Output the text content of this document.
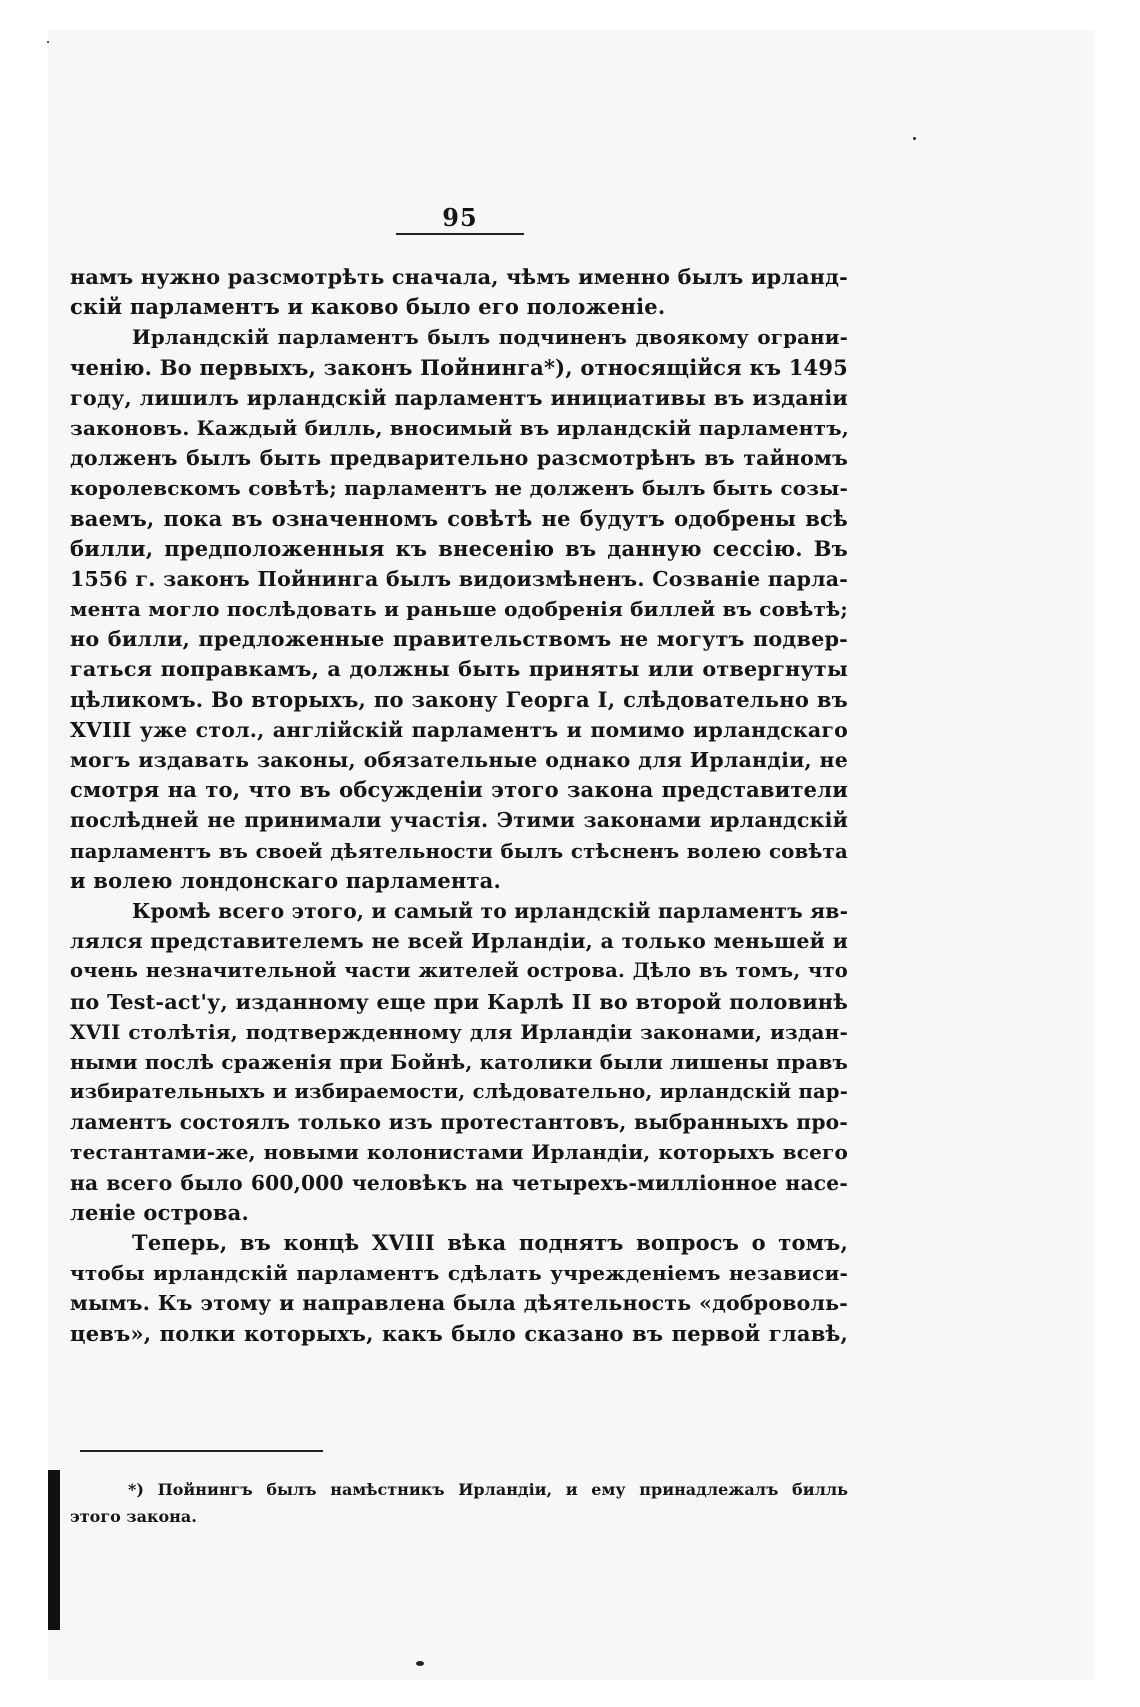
95
намъ нужно разсмотрѣть сначала, чѣмъ именно былъ ирланд-
скій парламентъ и каково было его положеніе.
Ирландскій парламентъ былъ подчиненъ двоякому ограни-
ченію. Во первыхъ, законъ Пойнинга*), относящійся къ 1495
году, лишилъ ирландскій парламентъ инициативы въ изданіи
законовъ. Каждый билль, вносимый въ ирландскій парламентъ,
долженъ былъ быть предварительно разсмотрѣнъ въ тайномъ
королевскомъ совѣтѣ; парламентъ не долженъ былъ быть созы-
ваемъ, пока въ означенномъ совѣтѣ не будутъ одобрены всѣ
билли, предположенныя къ внесенію въ данную сессію. Въ
1556 г. законъ Пойнинга былъ видоизмѣненъ. Созваніе парла-
мента могло послѣдовать и раньше одобренія биллей въ совѣтѣ;
но билли, предложенные правительствомъ не могутъ подвер-
гаться поправкамъ, а должны быть приняты или отвергнуты
цѣликомъ. Во вторыхъ, по закону Георга I, слѣдовательно въ
XVIII уже стол., англійскій парламентъ и помимо ирландскаго
могъ издавать законы, обязательные однако для Ирландіи, не
смотря на то, что въ обсужденіи этого закона представители
послѣдней не принимали участія. Этими законами ирландскій
парламентъ въ своей дѣятельности былъ стѣсненъ волею совѣта
и волею лондонскаго парламента.
Кромѣ всего этого, и самый то ирландскій парламентъ яв-
лялся представителемъ не всей Ирландіи, а только меньшей и
очень незначительной части жителей острова. Дѣло въ томъ, что
по Test-act'у, изданному еще при Карлѣ II во второй половинѣ
XVII столѣтія, подтвержденному для Ирландіи законами, издан-
ными послѣ сраженія при Бойнѣ, католики были лишены правъ
избирательныхъ и избираемости, слѣдовательно, ирландскій пар-
ламентъ состоялъ только изъ протестантовъ, выбранныхъ про-
тестантами-же, новыми колонистами Ирландіи, которыхъ всего
на всего было 600,000 человѣкъ на четырехъ-милліонное насе-
леніе острова.
Теперь, въ концѣ XVIII вѣка поднятъ вопросъ о томъ,
чтобы ирландскій парламентъ сдѣлать учрежденіемъ независи-
мымъ. Къ этому и направлена была дѣятельность «доброволь-
цевъ», полки которыхъ, какъ было сказано въ первой главѣ,
*) Пойнингъ былъ намѣстникъ Ирландіи, и ему принадлежалъ билль
этого закона.
